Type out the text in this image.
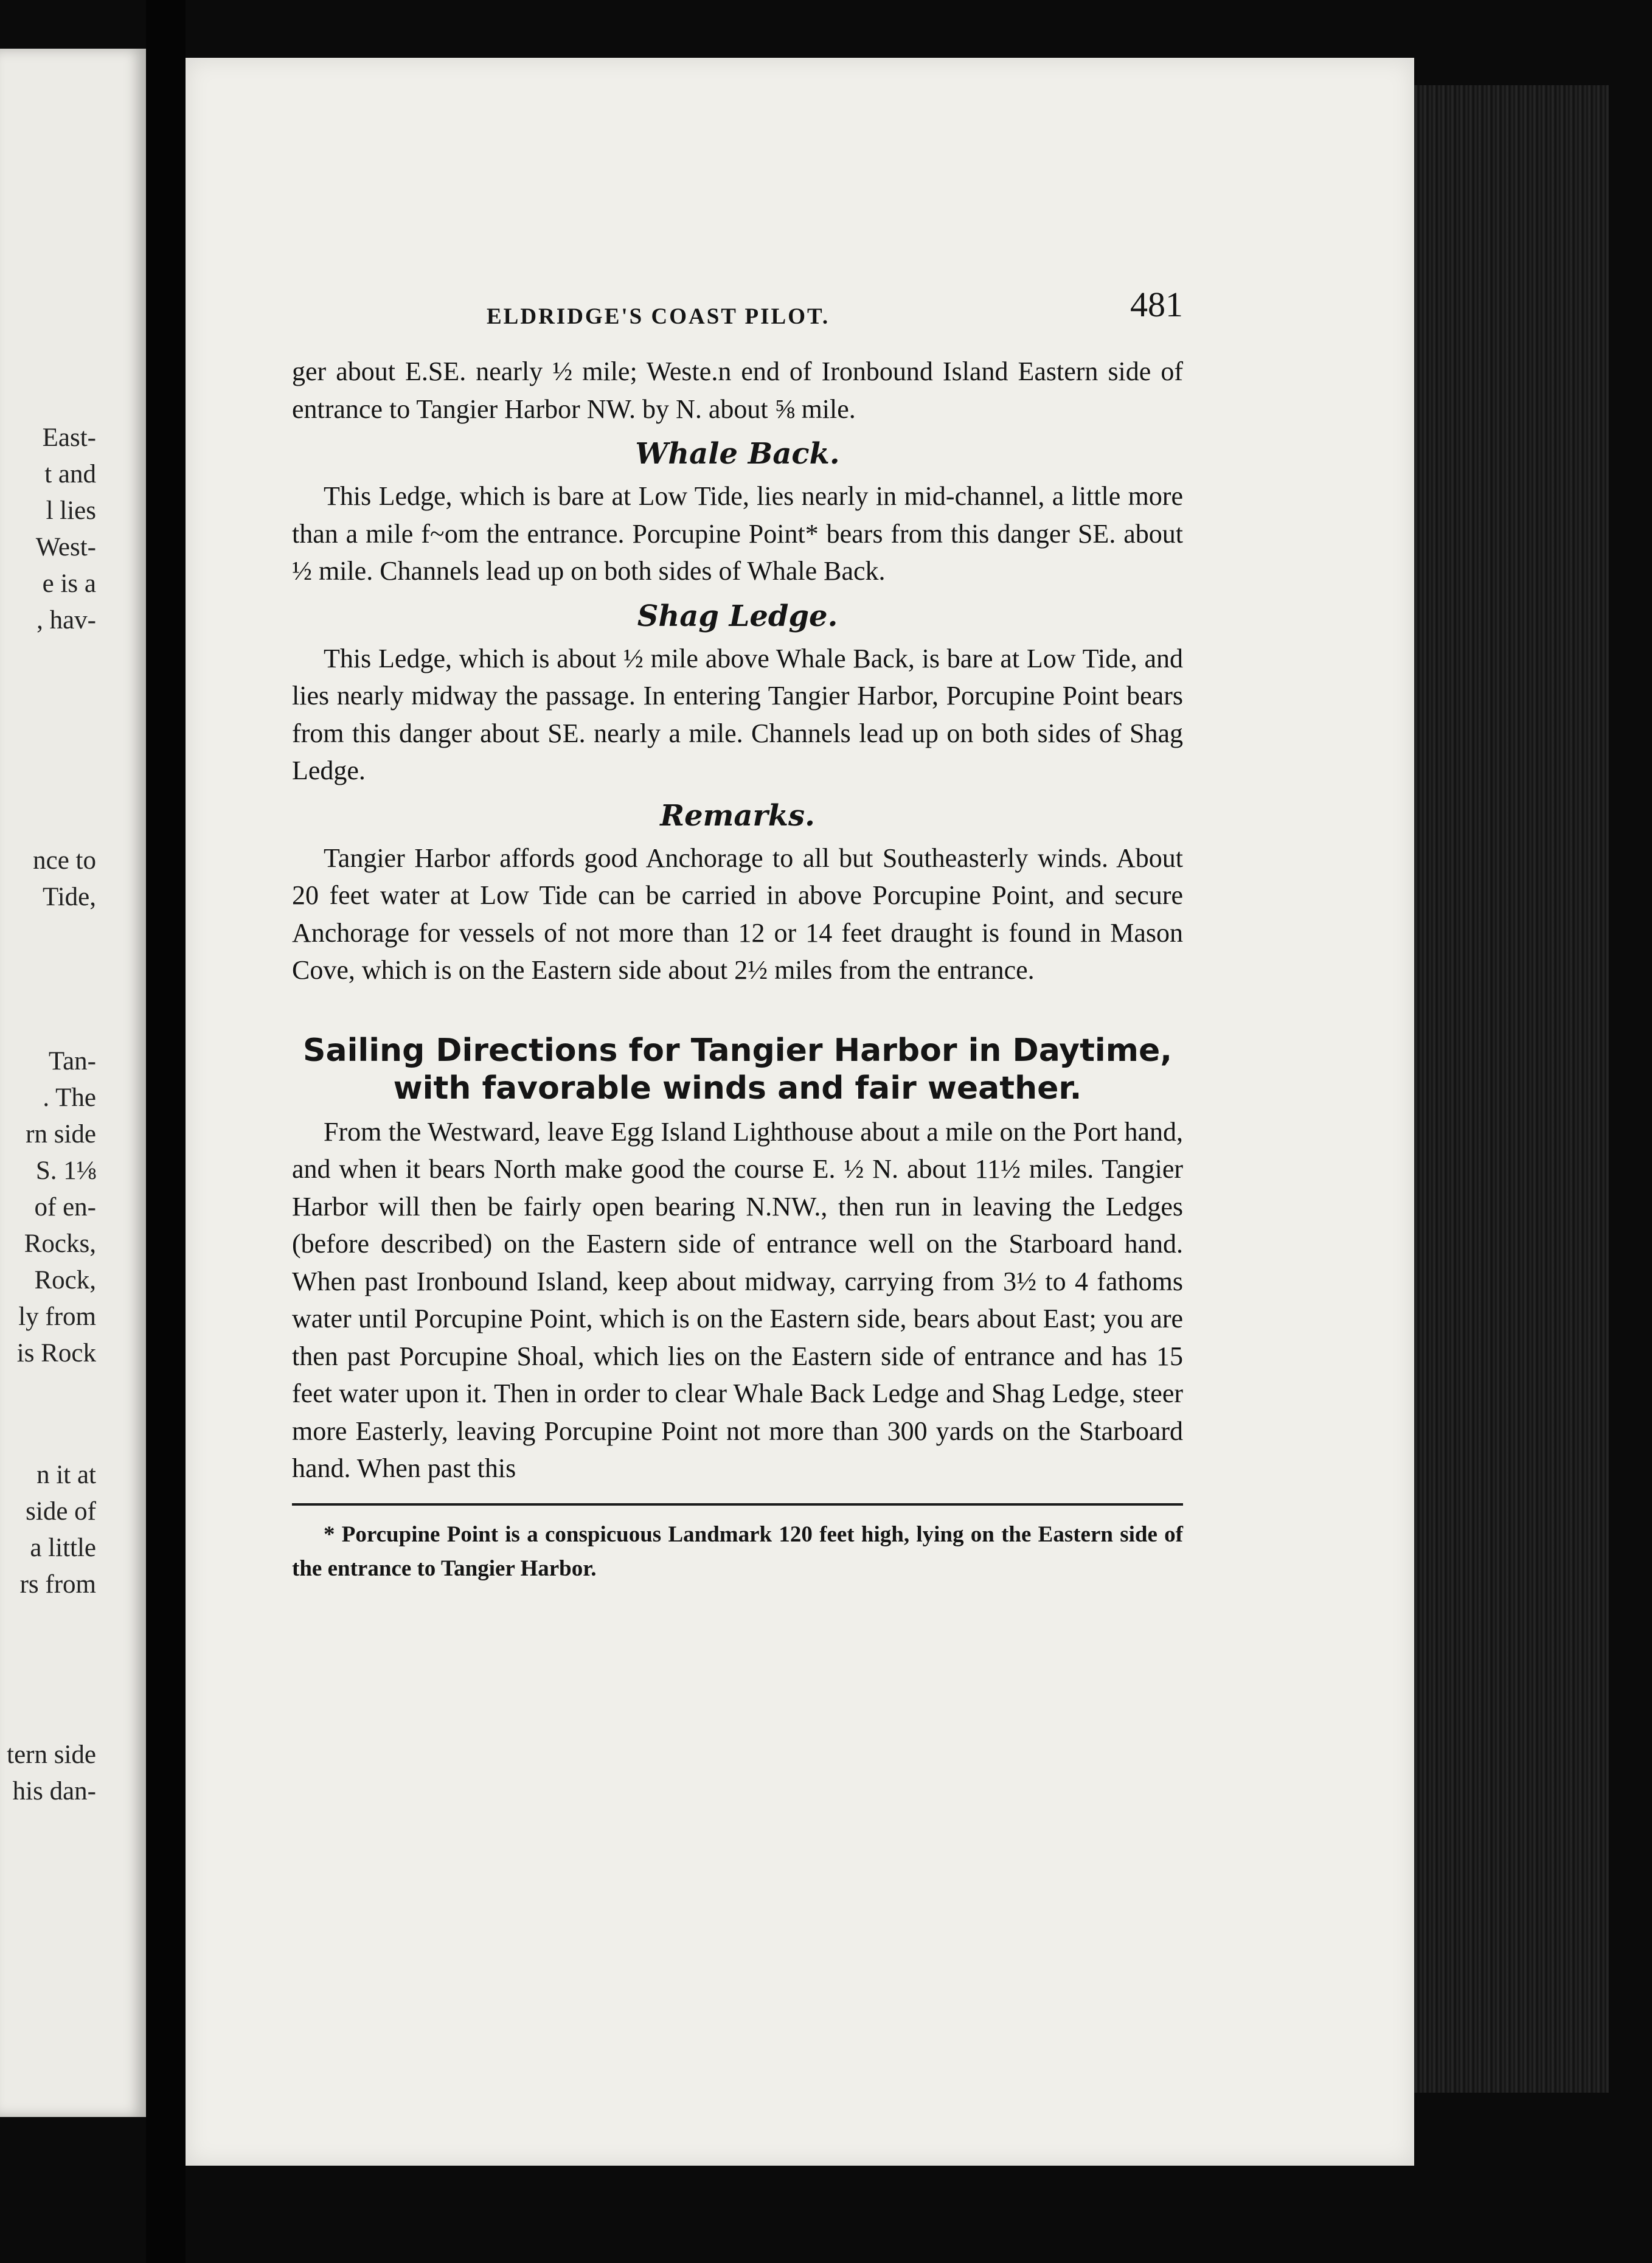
East-
t and
l lies
West-
e is a
, hav-
nce to
Tide,
Tan-
. The
rn side
S. 1⅛
of en-
Rocks,
Rock,
ly from
is Rock
n it at
side of
a little
rs from
tern side
his dan-
ELDRIDGE'S COAST PILOT.	481

ger about E.SE. nearly ½ mile; Weste.n end of Ironbound Island Eastern side of entrance to Tangier Harbor NW. by N. about ⅝ mile.

Whale Back.

This Ledge, which is bare at Low Tide, lies nearly in mid-channel, a little more than a mile f~om the entrance. Porcupine Point* bears from this danger SE. about ½ mile. Channels lead up on both sides of Whale Back.

Shag Ledge.

This Ledge, which is about ½ mile above Whale Back, is bare at Low Tide, and lies nearly midway the passage. In entering Tangier Harbor, Porcupine Point bears from this danger about SE. nearly a mile. Channels lead up on both sides of Shag Ledge.

Remarks.

Tangier Harbor affords good Anchorage to all but Southeasterly winds. About 20 feet water at Low Tide can be carried in above Porcupine Point, and secure Anchorage for vessels of not more than 12 or 14 feet draught is found in Mason Cove, which is on the Eastern side about 2½ miles from the entrance.

Sailing Directions for Tangier Harbor in Daytime,
with favorable winds and fair weather.

From the Westward, leave Egg Island Lighthouse about a mile on the Port hand, and when it bears North make good the course E. ½ N. about 11½ miles. Tangier Harbor will then be fairly open bearing N.NW., then run in leaving the Ledges (before described) on the Eastern side of entrance well on the Starboard hand. When past Ironbound Island, keep about midway, carrying from 3½ to 4 fathoms water until Porcupine Point, which is on the Eastern side, bears about East; you are then past Porcupine Shoal, which lies on the Eastern side of entrance and has 15 feet water upon it. Then in order to clear Whale Back Ledge and Shag Ledge, steer more Easterly, leaving Porcupine Point not more than 300 yards on the Starboard hand. When past this

* Porcupine Point is a conspicuous Landmark 120 feet high, lying on the Eastern side of the entrance to Tangier Harbor.
